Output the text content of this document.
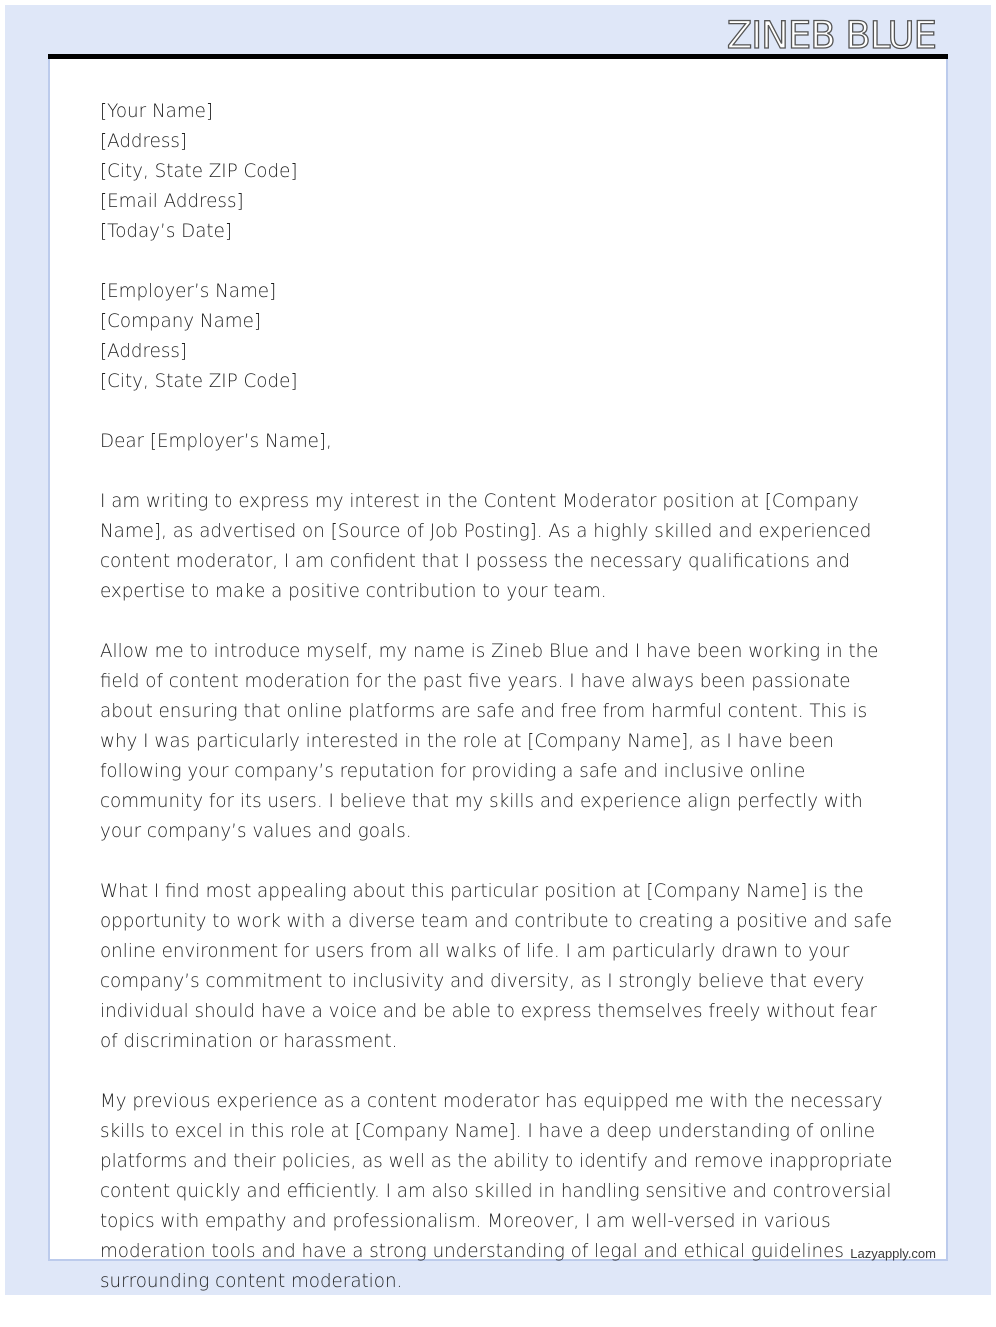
ZINEB BLUE
[Your Name]
[Address]
[City, State ZIP Code]
[Email Address]
[Today’s Date]
[Employer’s Name]
[Company Name]
[Address]
[City, State ZIP Code]

Dear [Employer’s Name],

I am writing to express my interest in the Content Moderator position at [Company Name], as advertised on [Source of Job Posting]. As a highly skilled and experienced content moderator, I am confident that I possess the necessary qualifications and expertise to make a positive contribution to your team.

Allow me to introduce myself, my name is Zineb Blue and I have been working in the field of content moderation for the past five years. I have always been passionate about ensuring that online platforms are safe and free from harmful content. This is why I was particularly interested in the role at [Company Name], as I have been following your company’s reputation for providing a safe and inclusive online community for its users. I believe that my skills and experience align perfectly with your company’s values and goals.

What I find most appealing about this particular position at [Company Name] is the opportunity to work with a diverse team and contribute to creating a positive and safe online environment for users from all walks of life. I am particularly drawn to your company’s commitment to inclusivity and diversity, as I strongly believe that every individual should have a voice and be able to express themselves freely without fear of discrimination or harassment.

My previous experience as a content moderator has equipped me with the necessary skills to excel in this role at [Company Name]. I have a deep understanding of online platforms and their policies, as well as the ability to identify and remove inappropriate content quickly and efficiently. I am also skilled in handling sensitive and controversial topics with empathy and professionalism. Moreover, I am well-versed in various moderation tools and have a strong understanding of legal and ethical guidelines surrounding content moderation.

Lazyapply.com
